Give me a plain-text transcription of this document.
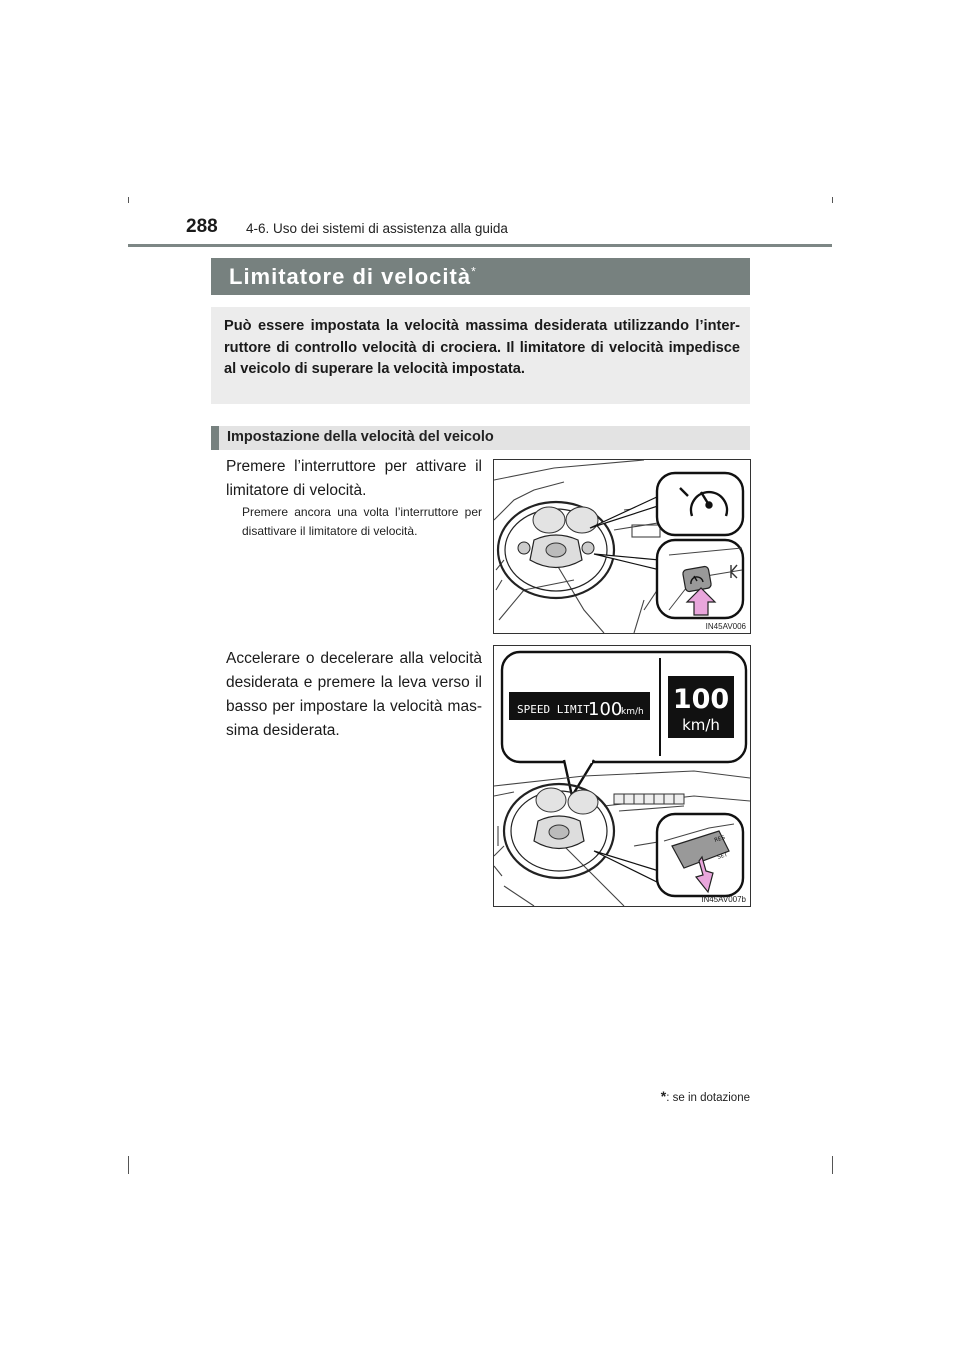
288 4-6. Uso dei sistemi di assistenza alla guida
Limitatore di velocità*
Può essere impostata la velocità massima desiderata utilizzando l’inter-ruttore di controllo velocità di crociera. Il limitatore di velocità impedisce al veicolo di superare la velocità impostata.
Impostazione della velocità del veicolo
Premere l’interruttore per attivare il limitatore di velocità.
Premere ancora una volta l’interruttore per disattivare il limitatore di velocità.
Accelerare o decelerare alla velocità desiderata e premere la leva verso il basso per impostare la velocità mas-sima desiderata.
IN45AV006
SPEED LIMIT
100
km/h 100
km/h
RES
SET
IN45AV007b
*: se in dotazione
